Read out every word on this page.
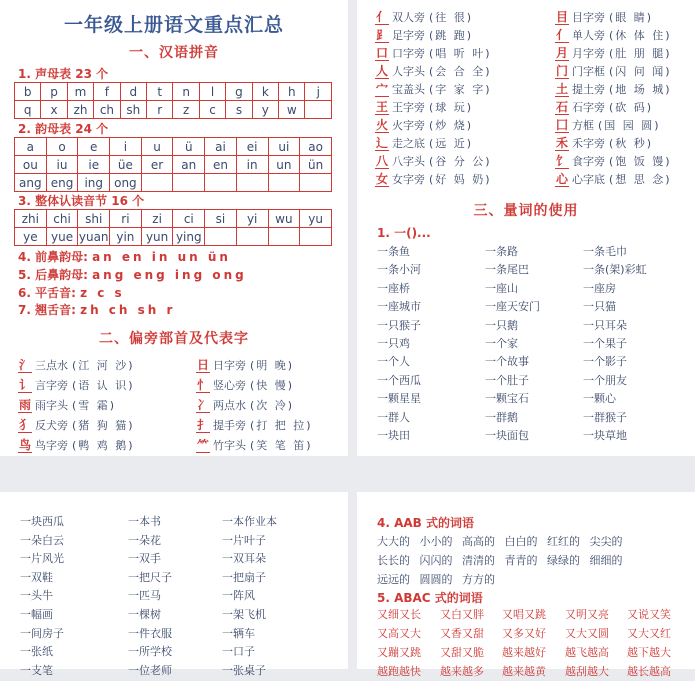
一年级上册语文重点汇总
一、汉语拼音
1. 声母表 23 个
b	p	m	f	d	t	n	l	g	k	h	j
q	x	zh	ch	sh	r	z	c	s	y	w	
2. 韵母表 24 个
a	o	e	i	u	ü	ai	ei	ui	ao
ou	iu	ie	üe	er	an	en	in	un	ün
ang	eng	ing	ong						
3. 整体认读音节 16 个
zhi	chi	shi	ri	zi	ci	si	yi	wu	yu
ye	yue	yuan	yin	yun	ying				
4. 前鼻韵母: an en in un ün
5. 后鼻韵母: ang eng ing ong
6. 平舌音: z c s
7. 翘舌音: zh ch sh r
二、偏旁部首及代表字
氵 三点水 (江 河 沙)	日 日字旁 (明 晚)
讠 言字旁 (语 认 识)	忄 竖心旁 (快 慢)
雨 雨字头 (雪 霜)	冫 两点水 (次 冷)
犭 反犬旁 (猪 狗 猫)	扌 提手旁 (打 把 拉)
鸟 鸟字旁 (鸭 鸡 鹅)	⺮ 竹字头 (笑 笔 笛)
亻 双人旁 (往 很)	目 目字旁 (眼 睛)
⻊ 足字旁 (跳 跑)	亻 单人旁 (休 体 住)
口 口字旁 (唱 听 叶)	月 月字旁 (肚 朋 腿)
人 人字头 (会 合 全)	门 门字框 (闪 问 闻)
宀 宝盖头 (字 家 字)	土 提土旁 (地 场 城)
王 王字旁 (球 玩)	石 石字旁 (砍 码)
火 火字旁 (炒 烧)	囗 方框 (国 园 圆)
辶 走之底 (远 近)	禾 禾字旁 (秋 秒)
八 八字头 (谷 分 公)	饣 食字旁 (饱 饭 馒)
女 女字旁 (好 妈 奶)	心 心字底 (想 思 念)
三、量词的使用
1. 一()...
一条鱼	一条路	一条毛巾
一条小河	一条尾巴	一条(架)彩虹
一座桥	一座山	一座房
一座城市	一座天安门	一只猫
一只猴子	一只鹅	一只耳朵
一只鸡	一个家	一个果子
一个人	一个故事	一个影子
一个西瓜	一个肚子	一个朋友
一颗星星	一颗宝石	一颗心
一群人	一群鹅	一群猴子
一块田	一块面包	一块草地
一块西瓜	一本书	一本作业本
一朵白云	一朵花	一片叶子
一片风光	一双手	一双耳朵
一双鞋	一把尺子	一把扇子
一头牛	一匹马	一阵风
一幅画	一棵树	一架飞机
一间房子	一件衣服	一辆车
一张纸	一所学校	一口子
一支笔	一位老师	一张桌子
4. AAB 式的词语
大大的 小小的 高高的 白白的 红红的 尖尖的
长长的 闪闪的 清清的 青青的 绿绿的 细细的
远远的 圆圆的 方方的
5. ABAC 式的词语
又细又长 又白又胖 又唱又跳 又明又亮 又说又笑
又高又大 又香又甜 又多又好 又大又圆 又大又红
又蹦又跳 又甜又脆 越来越好 越飞越高 越下越大
越跑越快 越来越多 越来越黄 越刮越大 越长越高
